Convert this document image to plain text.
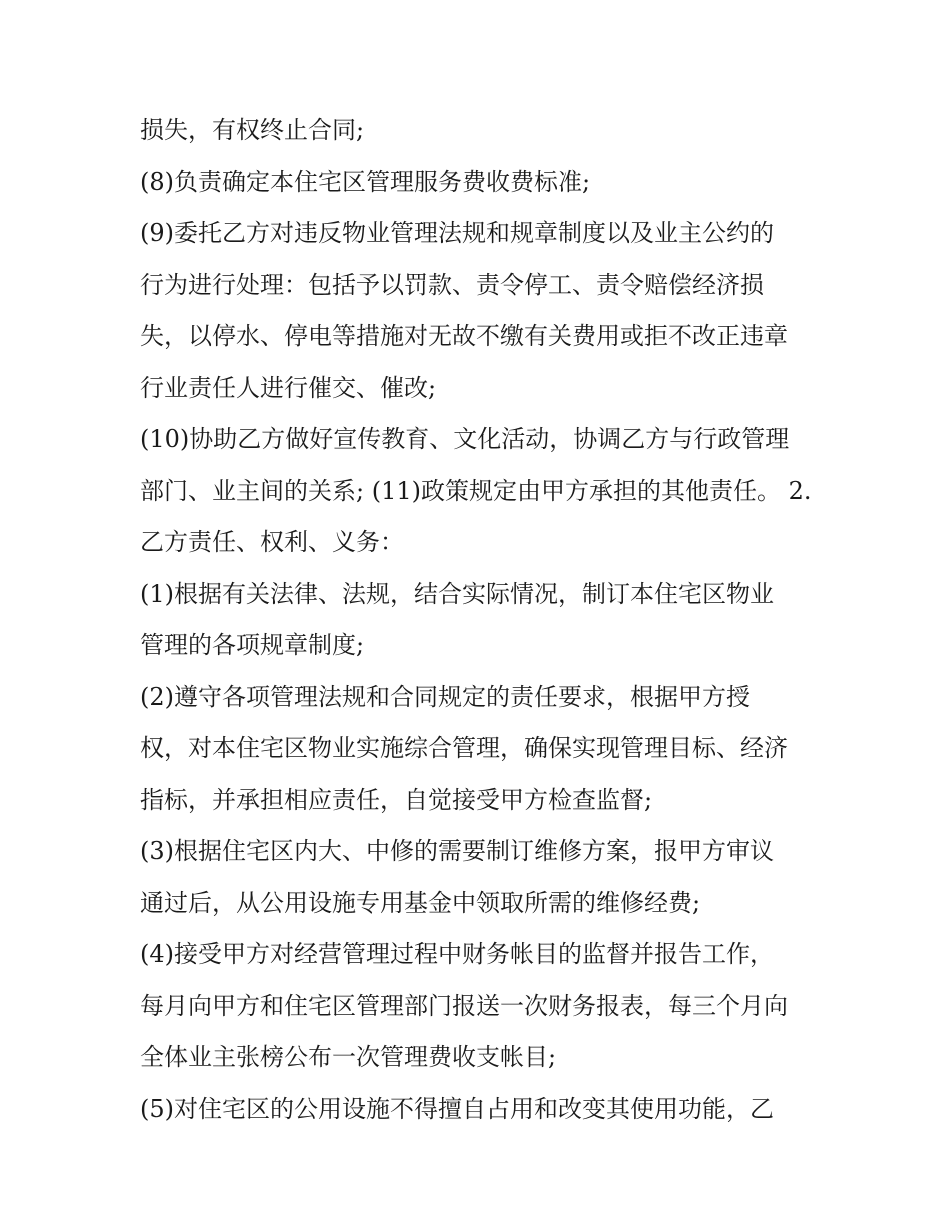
损失，有权终止合同;
(8)负责确定本住宅区管理服务费收费标准;
(9)委托乙方对违反物业管理法规和规章制度以及业主公约的
行为进行处理：包括予以罚款、责令停工、责令赔偿经济损
失，以停水、停电等措施对无故不缴有关费用或拒不改正违章
行业责任人进行催交、催改;
(10)协助乙方做好宣传教育、文化活动，协调乙方与行政管理
部门、业主间的关系; (11)政策规定由甲方承担的其他责任。 2.
乙方责任、权利、义务：
(1)根据有关法律、法规，结合实际情况，制订本住宅区物业
管理的各项规章制度;
(2)遵守各项管理法规和合同规定的责任要求，根据甲方授
权，对本住宅区物业实施综合管理，确保实现管理目标、经济
指标，并承担相应责任，自觉接受甲方检查监督;
(3)根据住宅区内大、中修的需要制订维修方案，报甲方审议
通过后，从公用设施专用基金中领取所需的维修经费;
(4)接受甲方对经营管理过程中财务帐目的监督并报告工作，
每月向甲方和住宅区管理部门报送一次财务报表，每三个月向
全体业主张榜公布一次管理费收支帐目;
(5)对住宅区的公用设施不得擅自占用和改变其使用功能，乙
